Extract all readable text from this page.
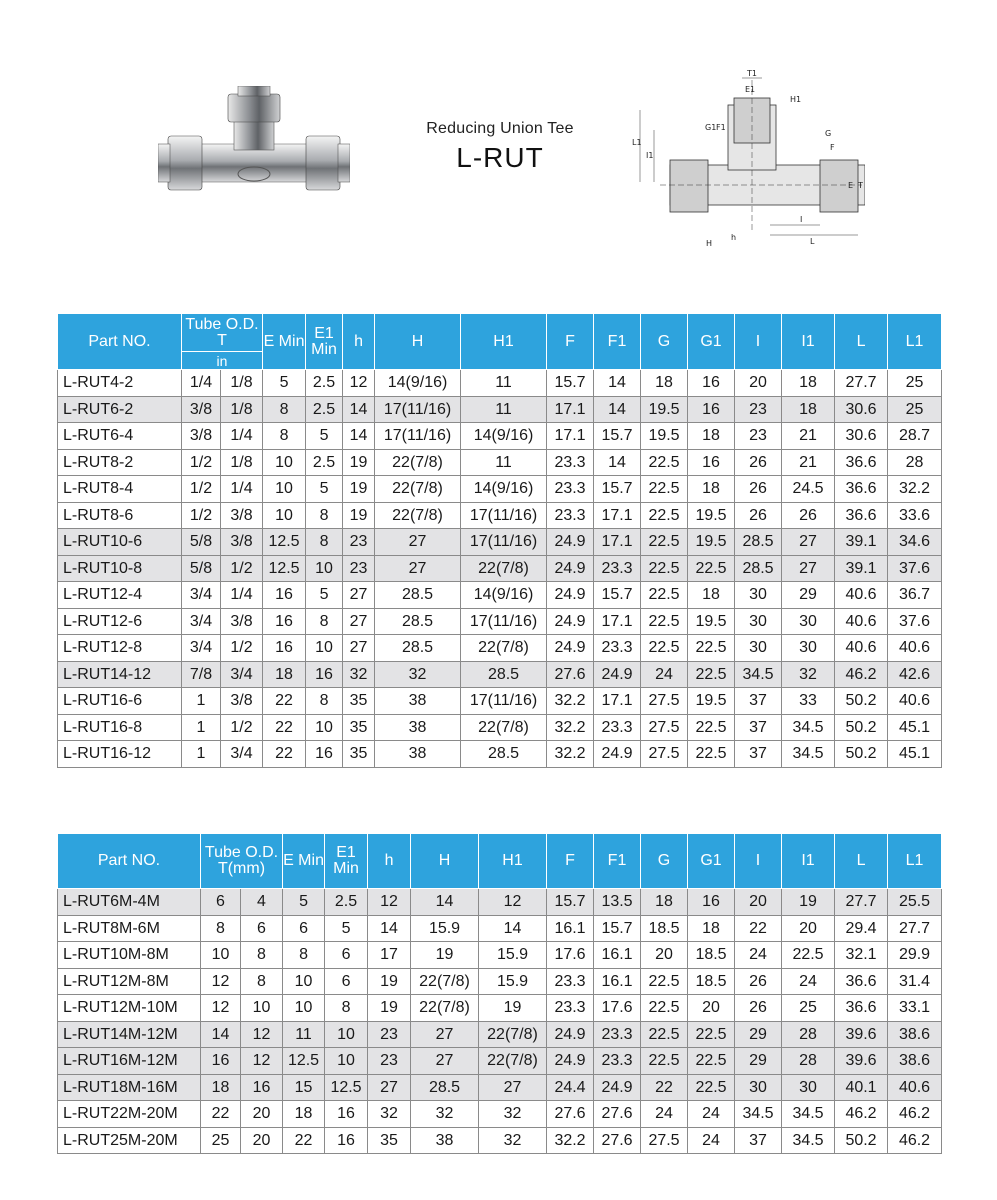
Reducing Union Tee
L-RUT
T1
E1
H1
G1 F1
G
F
L1
I1
E T
H
h
I
L
Part NO.	Tube O.D. T		E Min	E1 Min	h	H	H1	F	F1	G	G1	I	I1	L	L1
	in														
L-RUT4-2	1/4	1/8	5	2.5	12	14(9/16)	11	15.7	14	18	16	20	18	27.7	25
L-RUT6-2	3/8	1/8	8	2.5	14	17(11/16)	11	17.1	14	19.5	16	23	18	30.6	25
L-RUT6-4	3/8	1/4	8	5	14	17(11/16)	14(9/16)	17.1	15.7	19.5	18	23	21	30.6	28.7
L-RUT8-2	1/2	1/8	10	2.5	19	22(7/8)	11	23.3	14	22.5	16	26	21	36.6	28
L-RUT8-4	1/2	1/4	10	5	19	22(7/8)	14(9/16)	23.3	15.7	22.5	18	26	24.5	36.6	32.2
L-RUT8-6	1/2	3/8	10	8	19	22(7/8)	17(11/16)	23.3	17.1	22.5	19.5	26	26	36.6	33.6
L-RUT10-6	5/8	3/8	12.5	8	23	27	17(11/16)	24.9	17.1	22.5	19.5	28.5	27	39.1	34.6
L-RUT10-8	5/8	1/2	12.5	10	23	27	22(7/8)	24.9	23.3	22.5	22.5	28.5	27	39.1	37.6
L-RUT12-4	3/4	1/4	16	5	27	28.5	14(9/16)	24.9	15.7	22.5	18	30	29	40.6	36.7
L-RUT12-6	3/4	3/8	16	8	27	28.5	17(11/16)	24.9	17.1	22.5	19.5	30	30	40.6	37.6
L-RUT12-8	3/4	1/2	16	10	27	28.5	22(7/8)	24.9	23.3	22.5	22.5	30	30	40.6	40.6
L-RUT14-12	7/8	3/4	18	16	32	32	28.5	27.6	24.9	24	22.5	34.5	32	46.2	42.6
L-RUT16-6	1	3/8	22	8	35	38	17(11/16)	32.2	17.1	27.5	19.5	37	33	50.2	40.6
L-RUT16-8	1	1/2	22	10	35	38	22(7/8)	32.2	23.3	27.5	22.5	37	34.5	50.2	45.1
L-RUT16-12	1	3/4	22	16	35	38	28.5	32.2	24.9	27.5	22.5	37	34.5	50.2	45.1
Part NO.	Tube O.D. T(mm)		E Min	E1 Min	h	H	H1	F	F1	G	G1	I	I1	L	L1
L-RUT6M-4M	6	4	5	2.5	12	14	12	15.7	13.5	18	16	20	19	27.7	25.5
L-RUT8M-6M	8	6	6	5	14	15.9	14	16.1	15.7	18.5	18	22	20	29.4	27.7
L-RUT10M-8M	10	8	8	6	17	19	15.9	17.6	16.1	20	18.5	24	22.5	32.1	29.9
L-RUT12M-8M	12	8	10	6	19	22(7/8)	15.9	23.3	16.1	22.5	18.5	26	24	36.6	31.4
L-RUT12M-10M	12	10	10	8	19	22(7/8)	19	23.3	17.6	22.5	20	26	25	36.6	33.1
L-RUT14M-12M	14	12	11	10	23	27	22(7/8)	24.9	23.3	22.5	22.5	29	28	39.6	38.6
L-RUT16M-12M	16	12	12.5	10	23	27	22(7/8)	24.9	23.3	22.5	22.5	29	28	39.6	38.6
L-RUT18M-16M	18	16	15	12.5	27	28.5	27	24.4	24.9	22	22.5	30	30	40.1	40.6
L-RUT22M-20M	22	20	18	16	32	32	32	27.6	27.6	24	24	34.5	34.5	46.2	46.2
L-RUT25M-20M	25	20	22	16	35	38	32	32.2	27.6	27.5	24	37	34.5	50.2	46.2
